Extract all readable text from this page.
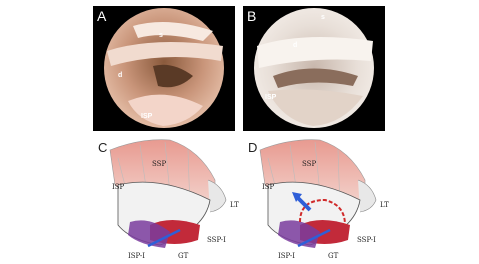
A
s
d
ISP
B	s
d
ISP
C
SSP
ISP
LT
SSP-I
ISP-I	GT
D
SSP
ISP
LT
SSP-I
ISP-I	GT
